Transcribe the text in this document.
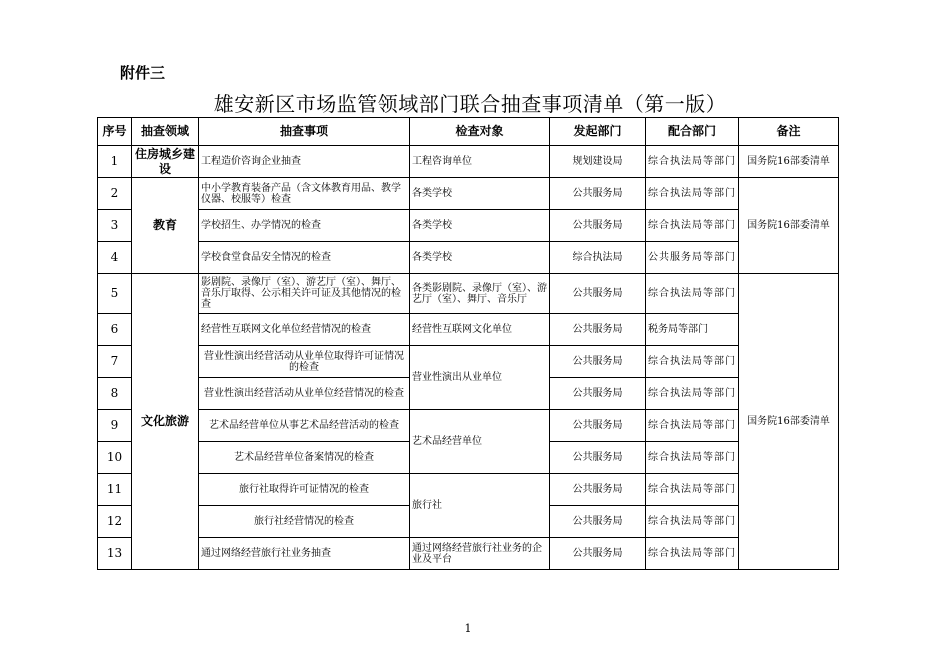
附件三
雄安新区市场监管领域部门联合抽查事项清单（第一版）
序号	抽查领域	抽查事项	检查对象	发起部门	配合部门	备注
1	住房城乡建设	工程造价咨询企业抽查	工程咨询单位	规划建设局	综合执法局等部门	国务院16部委清单
2	教育	中小学教育装备产品（含文体教育用品、教学仪器、校服等）检查	各类学校	公共服务局	综合执法局等部门	国务院16部委清单
3		学校招生、办学情况的检查	各类学校	公共服务局	综合执法局等部门	
4		学校食堂食品安全情况的检查	各类学校	综合执法局	公共服务局等部门	
5	文化旅游	影剧院、录像厅（室）、游艺厅（室）、舞厅、音乐厅取得、公示相关许可证及其他情况的检查	各类影剧院、录像厅（室）、游艺厅（室）、舞厅、音乐厅	公共服务局	综合执法局等部门	国务院16部委清单
6		经营性互联网文化单位经营情况的检查	经营性互联网文化单位	公共服务局	税务局等部门	
7		营业性演出经营活动从业单位取得许可证情况的检查	营业性演出从业单位	公共服务局	综合执法局等部门	
8		营业性演出经营活动从业单位经营情况的检查		公共服务局	综合执法局等部门	
9		艺术品经营单位从事艺术品经营活动的检查	艺术品经营单位	公共服务局	综合执法局等部门	
10		艺术品经营单位备案情况的检查		公共服务局	综合执法局等部门	
11		旅行社取得许可证情况的检查	旅行社	公共服务局	综合执法局等部门	
12		旅行社经营情况的检查		公共服务局	综合执法局等部门	
13		通过网络经营旅行社业务抽查	通过网络经营旅行社业务的企业及平台	公共服务局	综合执法局等部门	
1
